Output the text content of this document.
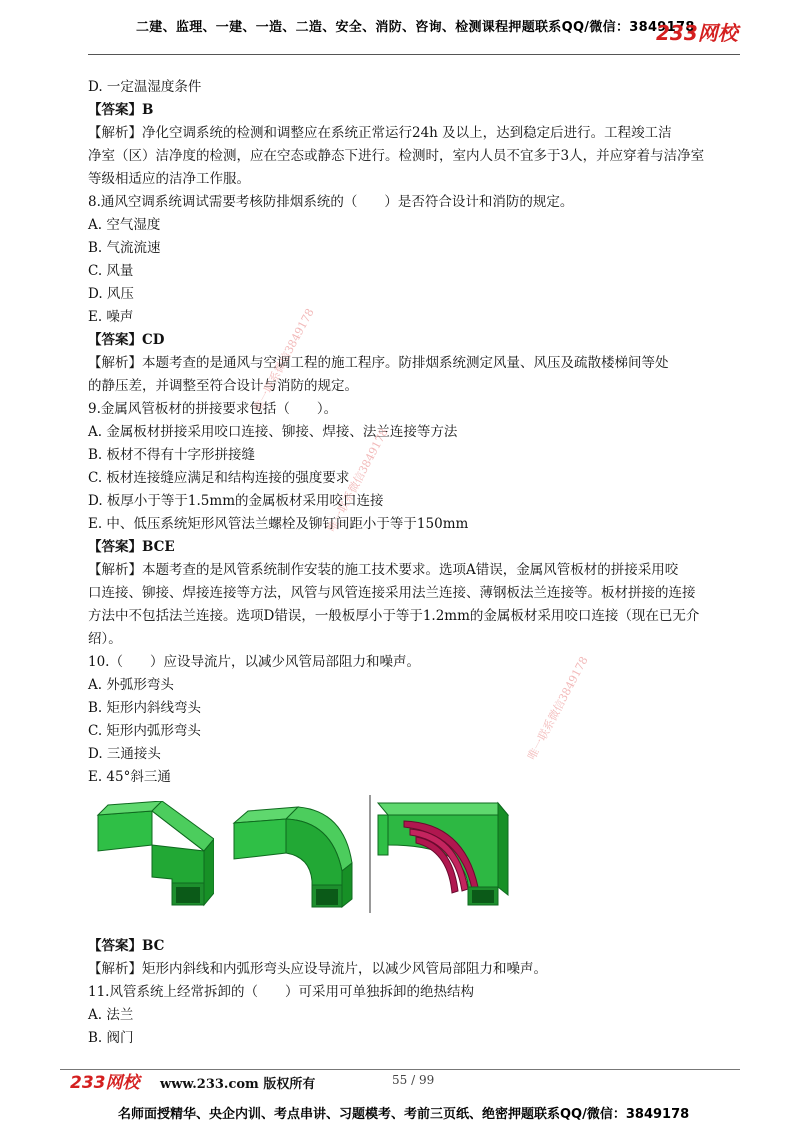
二建、监理、一建、一造、二造、安全、消防、咨询、检测课程押题联系QQ/微信：3849178
233网校
唯一联系微信3849178
唯一联系微信3849178
唯一联系微信3849178
D. 一定温湿度条件
【答案】B
【解析】净化空调系统的检测和调整应在系统正常运行24h 及以上，达到稳定后进行。工程竣工洁
净室（区）洁净度的检测，应在空态或静态下进行。检测时，室内人员不宜多于3人，并应穿着与洁净室
等级相适应的洁净工作服。
8.通风空调系统调试需要考核防排烟系统的（　　）是否符合设计和消防的规定。
A. 空气湿度
B. 气流流速
C. 风量
D. 风压
E. 噪声
【答案】CD
【解析】本题考查的是通风与空调工程的施工程序。防排烟系统测定风量、风压及疏散楼梯间等处
的静压差，并调整至符合设计与消防的规定。
9.金属风管板材的拼接要求包括（　　）。
A. 金属板材拼接采用咬口连接、铆接、焊接、法兰连接等方法
B. 板材不得有十字形拼接缝
C. 板材连接缝应满足和结构连接的强度要求
D. 板厚小于等于1.5mm的金属板材采用咬口连接
E. 中、低压系统矩形风管法兰螺栓及铆钉间距小于等于150mm
【答案】BCE
【解析】本题考查的是风管系统制作安装的施工技术要求。选项A错误，金属风管板材的拼接采用咬
口连接、铆接、焊接连接等方法，风管与风管连接采用法兰连接、薄钢板法兰连接等。板材拼接的连接
方法中不包括法兰连接。选项D错误，一般板厚小于等于1.2mm的金属板材采用咬口连接（现在已无介
绍）。
10.（　　）应设导流片，以减少风管局部阻力和噪声。
A. 外弧形弯头
B. 矩形内斜线弯头
C. 矩形内弧形弯头
D. 三通接头
E. 45°斜三通
【答案】BC
【解析】矩形内斜线和内弧形弯头应设导流片，以减少风管局部阻力和噪声。
11.风管系统上经常拆卸的（　　）可采用可单独拆卸的绝热结构
A. 法兰
B. 阀门
233网校 www.233.com 版权所有	55 / 99
名师面授精华、央企内训、考点串讲、习题模考、考前三页纸、绝密押题联系QQ/微信：3849178
